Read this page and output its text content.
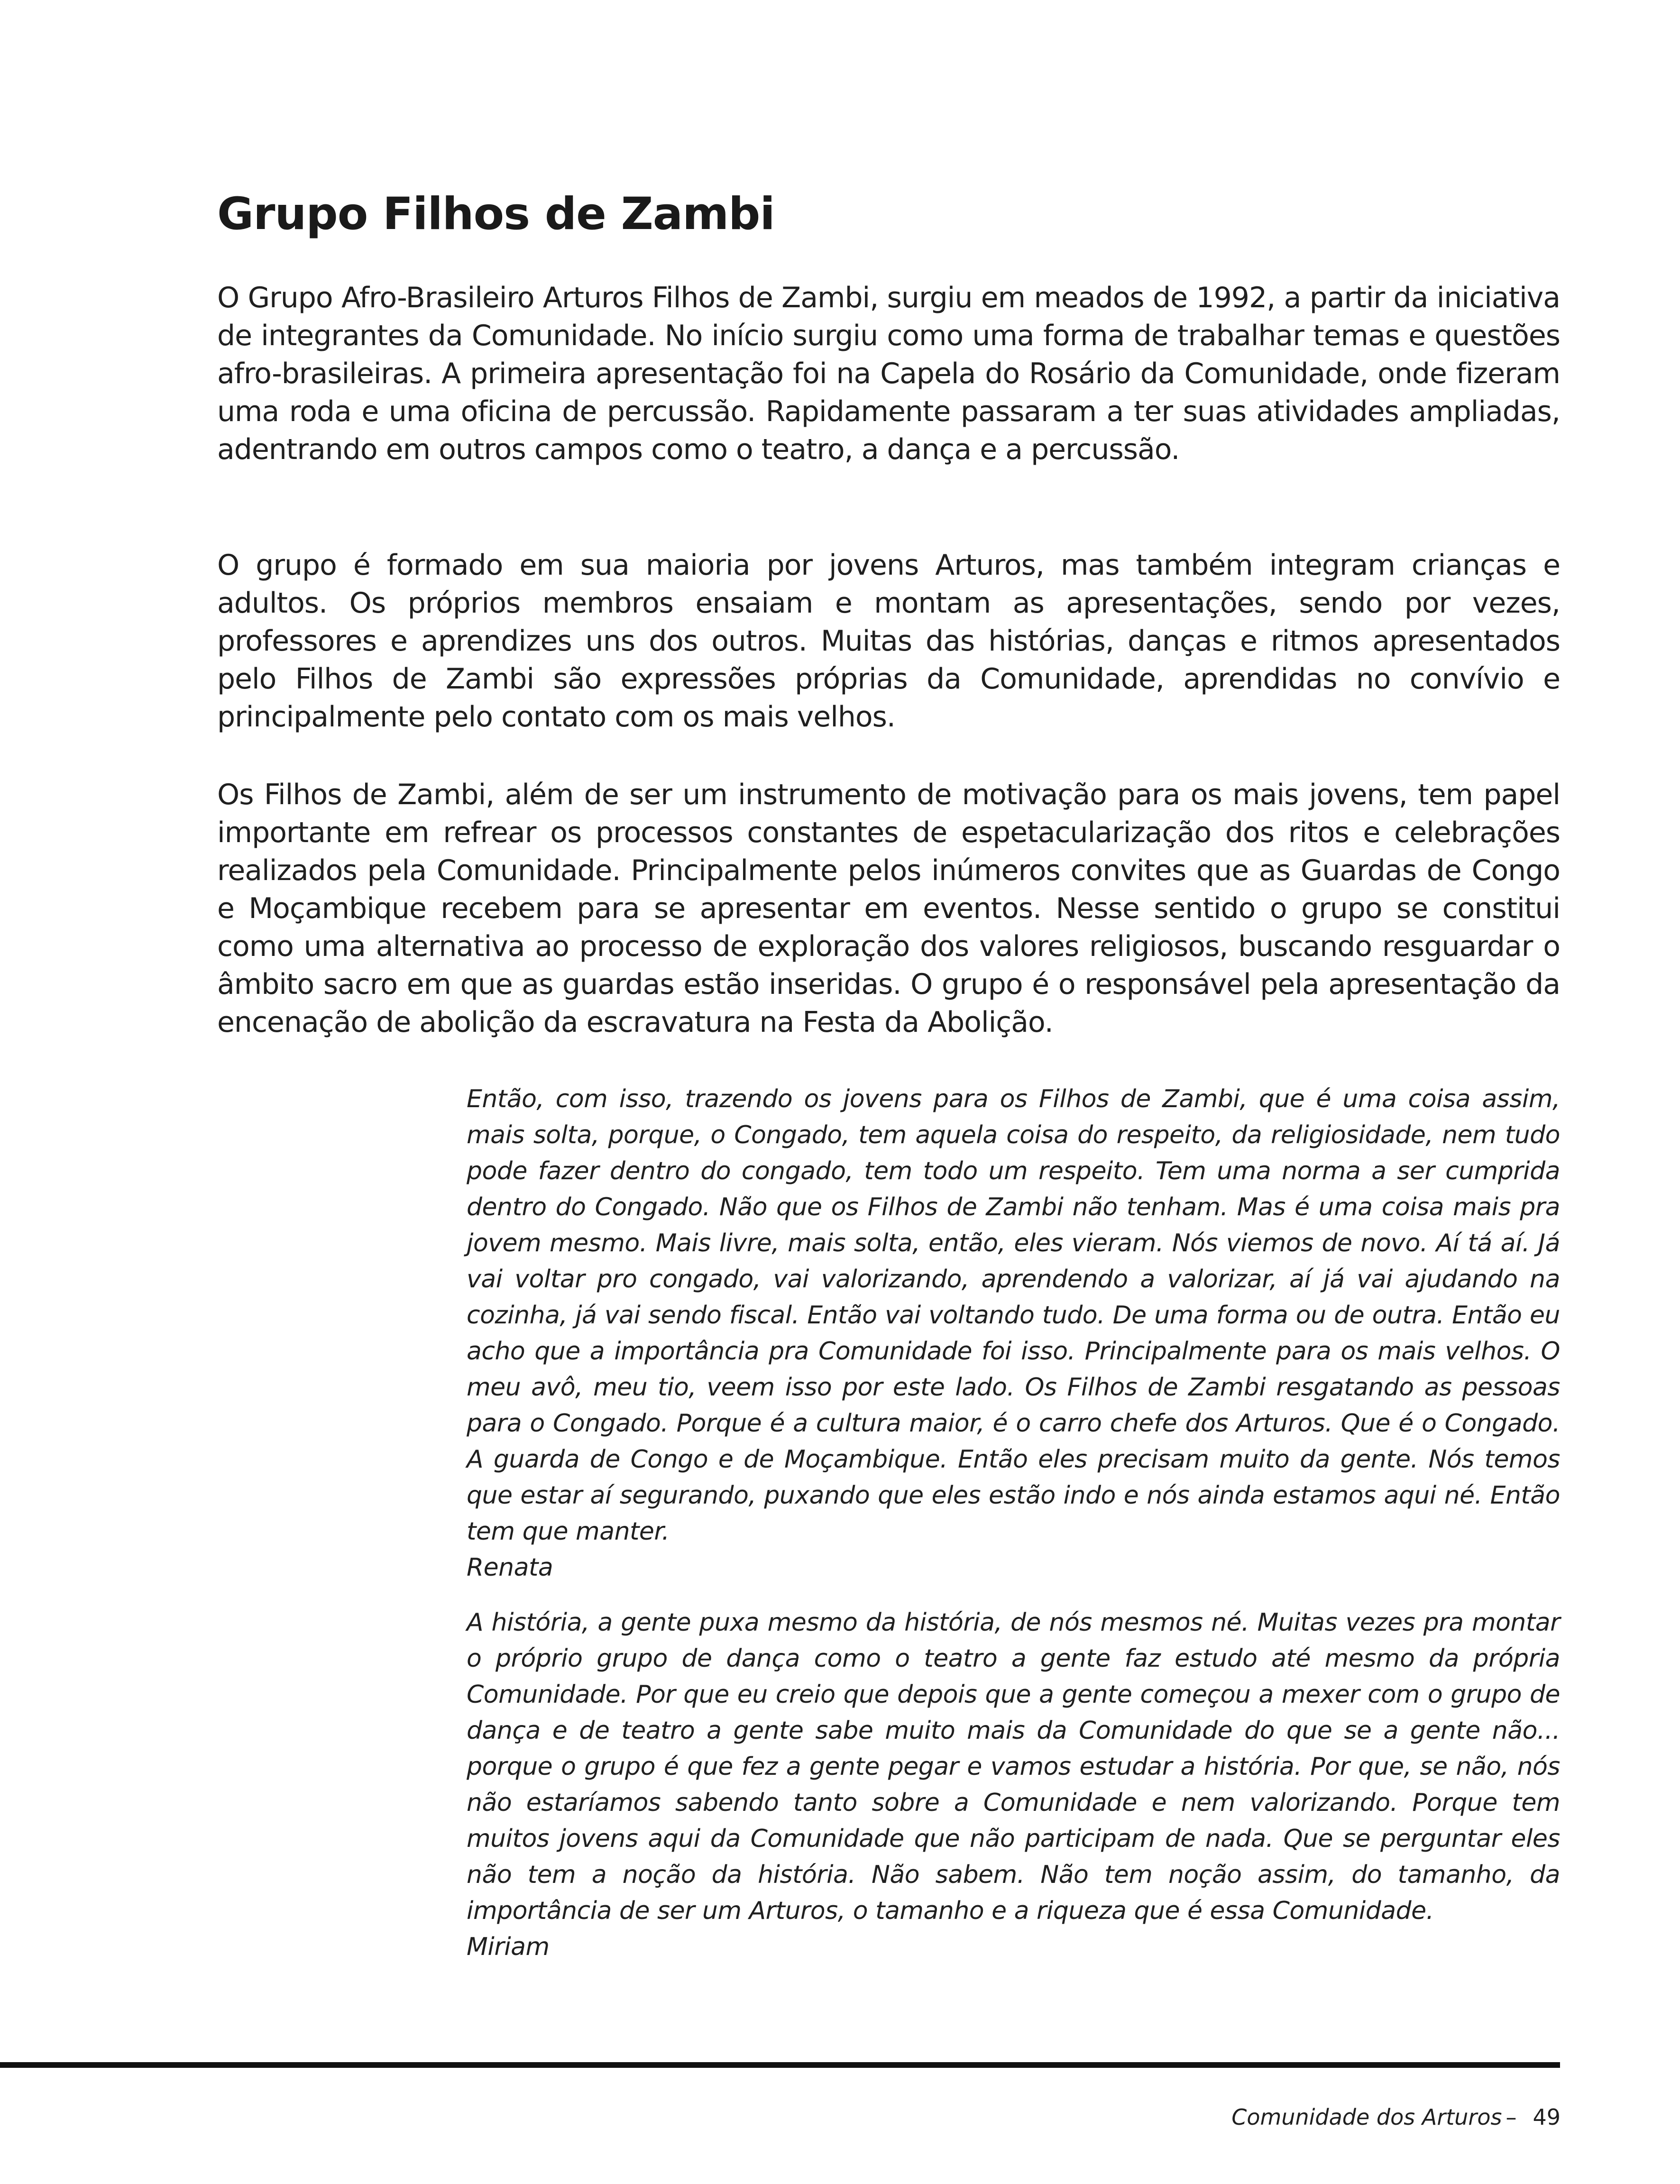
Grupo Filhos de Zambi

O Grupo Afro-Brasileiro Arturos Filhos de Zambi, surgiu em meados de 1992, a partir da iniciativa de integrantes da Comunidade. No início surgiu como uma forma de trabalhar temas e questões afro-brasileiras. A primeira apresentação foi na Capela do Rosário da Comunidade, onde fizeram uma roda e uma oficina de percussão. Rapidamente passaram a ter suas atividades ampliadas, adentrando em outros campos como o teatro, a dança e a percussão.

O grupo é formado em sua maioria por jovens Arturos, mas também integram crianças e adultos. Os próprios membros ensaiam e montam as apresentações, sendo por vezes, professores e aprendizes uns dos outros. Muitas das histórias, danças e ritmos apresentados pelo Filhos de Zambi são expressões próprias da Comunidade, aprendidas no convívio e principalmente pelo contato com os mais velhos.

Os Filhos de Zambi, além de ser um instrumento de motivação para os mais jovens, tem papel importante em refrear os processos constantes de espetacularização dos ritos e celebrações realizados pela Comunidade. Principalmente pelos inúmeros convites que as Guardas de Congo e Moçambique recebem para se apresentar em eventos. Nesse sentido o grupo se constitui como uma alternativa ao processo de exploração dos valores religiosos, buscando resguardar o âmbito sacro em que as guardas estão inseridas. O grupo é o responsável pela apresentação da encenação de abolição da escravatura na Festa da Abolição.

Então, com isso, trazendo os jovens para os Filhos de Zambi, que é uma coisa assim, mais solta, porque, o Congado, tem aquela coisa do respeito, da religiosidade, nem tudo pode fazer dentro do congado, tem todo um respeito. Tem uma norma a ser cumprida dentro do Congado. Não que os Filhos de Zambi não tenham. Mas é uma coisa mais pra jovem mesmo. Mais livre, mais solta, então, eles vieram. Nós viemos de novo. Aí tá aí. Já vai voltar pro congado, vai valorizando, aprendendo a valorizar, aí já vai ajudando na cozinha, já vai sendo fiscal. Então vai voltando tudo. De uma forma ou de outra. Então eu acho que a importância pra Comunidade foi isso. Principalmente para os mais velhos. O meu avô, meu tio, veem isso por este lado. Os Filhos de Zambi resgatando as pessoas para o Congado. Porque é a cultura maior, é o carro chefe dos Arturos. Que é o Congado. A guarda de Congo e de Moçambique. Então eles precisam muito da gente. Nós temos que estar aí segurando, puxando que eles estão indo e nós ainda estamos aqui né. Então tem que manter.
Renata
A história, a gente puxa mesmo da história, de nós mesmos né. Muitas vezes pra montar o próprio grupo de dança como o teatro a gente faz estudo até mesmo da própria Comunidade. Por que eu creio que depois que a gente começou a mexer com o grupo de dança e de teatro a gente sabe muito mais da Comunidade do que se a gente não... porque o grupo é que fez a gente pegar e vamos estudar a história. Por que, se não, nós não estaríamos sabendo tanto sobre a Comunidade e nem valorizando. Porque tem muitos jovens aqui da Comunidade que não participam de nada. Que se perguntar eles não tem a noção da história. Não sabem. Não tem noção assim, do tamanho, da importância de ser um Arturos, o tamanho e a riqueza que é essa Comunidade.
Miriam
Comunidade dos Arturos – 49
